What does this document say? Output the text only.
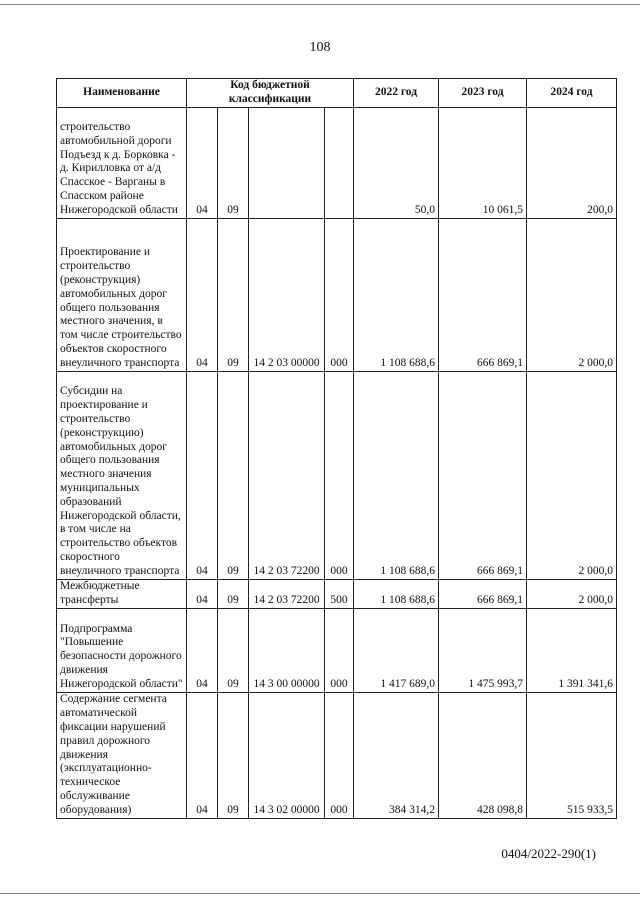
108
Наименование	Код бюджетной классификации				2022 год	2023 год	2024 год
строительство автомобильной дороги Подъезд к д. Борковка - д. Кирилловка от а/д Спасское - Варганы в Спасском районе Нижегородской области	04	09			50,0	10 061,5	200,0
Проектирование и строительство (реконструкция) автомобильных дорог общего пользования местного значения, в том числе строительство объектов скоростного внеуличного транспорта	04	09	14 2 03 00000	000	1 108 688,6	666 869,1	2 000,0
Субсидии на проектирование и строительство (реконструкцию) автомобильных дорог общего пользования местного значения муниципальных образований Нижегородской области, в том числе на строительство объектов скоростного внеуличного транспорта	04	09	14 2 03 72200	000	1 108 688,6	666 869,1	2 000,0
Межбюджетные трансферты	04	09	14 2 03 72200	500	1 108 688,6	666 869,1	2 000,0
Подпрограмма "Повышение безопасности дорожного движения Нижегородской области"	04	09	14 3 00 00000	000	1 417 689,0	1 475 993,7	1 391 341,6
Содержание сегмента автоматической фиксации нарушений правил дорожного движения (эксплуатационно-техническое обслуживание оборудования)	04	09	14 3 02 00000	000	384 314,2	428 098,8	515 933,5
0404/2022-290(1)
